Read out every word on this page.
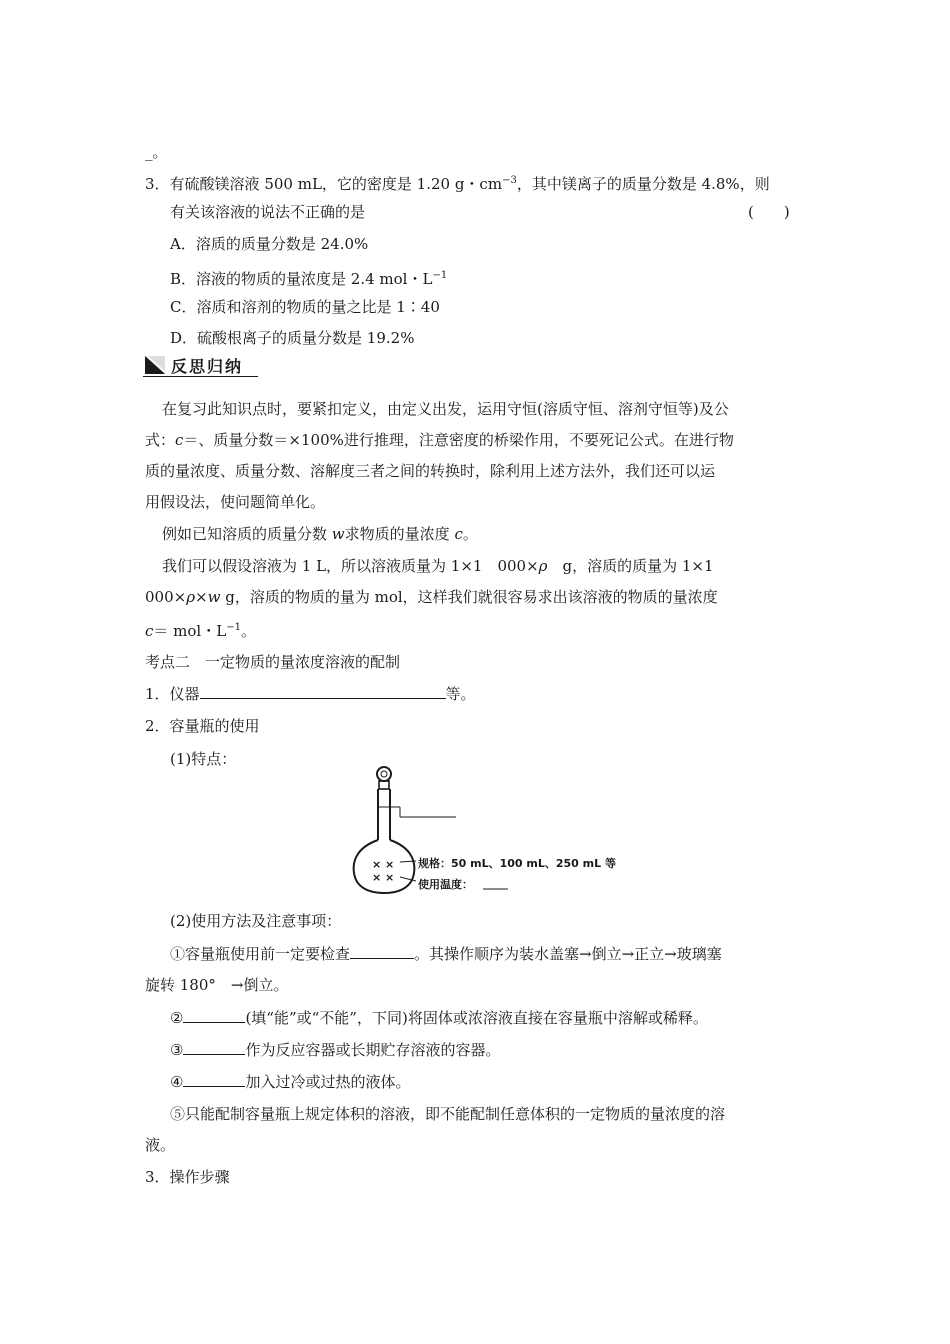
_。
3．有硫酸镁溶液 500 mL，它的密度是 1.20 g・$cm^{-3}$，其中镁离子的质量分数是 4.8%，则
有关该溶液的说法不正确的是	(　　)
A．溶质的质量分数是 24.0%
B．溶液的物质的量浓度是 2.4 mol・$L^{-1}$
C．溶质和溶剂的物质的量之比是 1∶40
D．硫酸根离子的质量分数是 19.2%
反思归纳
在复习此知识点时，要紧扣定义，由定义出发，运用守恒(溶质守恒、溶剂守恒等)及公
式：c＝、质量分数＝×100%进行推理，注意密度的桥梁作用，不要死记公式。在进行物
质的量浓度、质量分数、溶解度三者之间的转换时，除利用上述方法外，我们还可以运
用假设法，使问题简单化。
例如已知溶质的质量分数 w求物质的量浓度 c。
我们可以假设溶液为 1 L，所以溶液质量为 1×1　000×ρ　g，溶质的质量为 1×1
000×ρ×w g，溶质的物质的量为 mol，这样我们就很容易求出该溶液的物质的量浓度
c＝ mol・$L^{-1}$。
考点二　一定物质的量浓度溶液的配制
1．仪器	等。
2．容量瓶的使用
(1)特点：
× ×
× ×
规格：50 mL、100 mL、250 mL 等
使用温度：
(2)使用方法及注意事项：
①容量瓶使用前一定要检查	。其操作顺序为装水盖塞→倒立→正立→玻璃塞
旋转 180°　→倒立。
②	(填“能”或“不能”，下同)将固体或浓溶液直接在容量瓶中溶解或稀释。
③	作为反应容器或长期贮存溶液的容器。
④	加入过冷或过热的液体。
⑤只能配制容量瓶上规定体积的溶液，即不能配制任意体积的一定物质的量浓度的溶
液。
3．操作步骤
